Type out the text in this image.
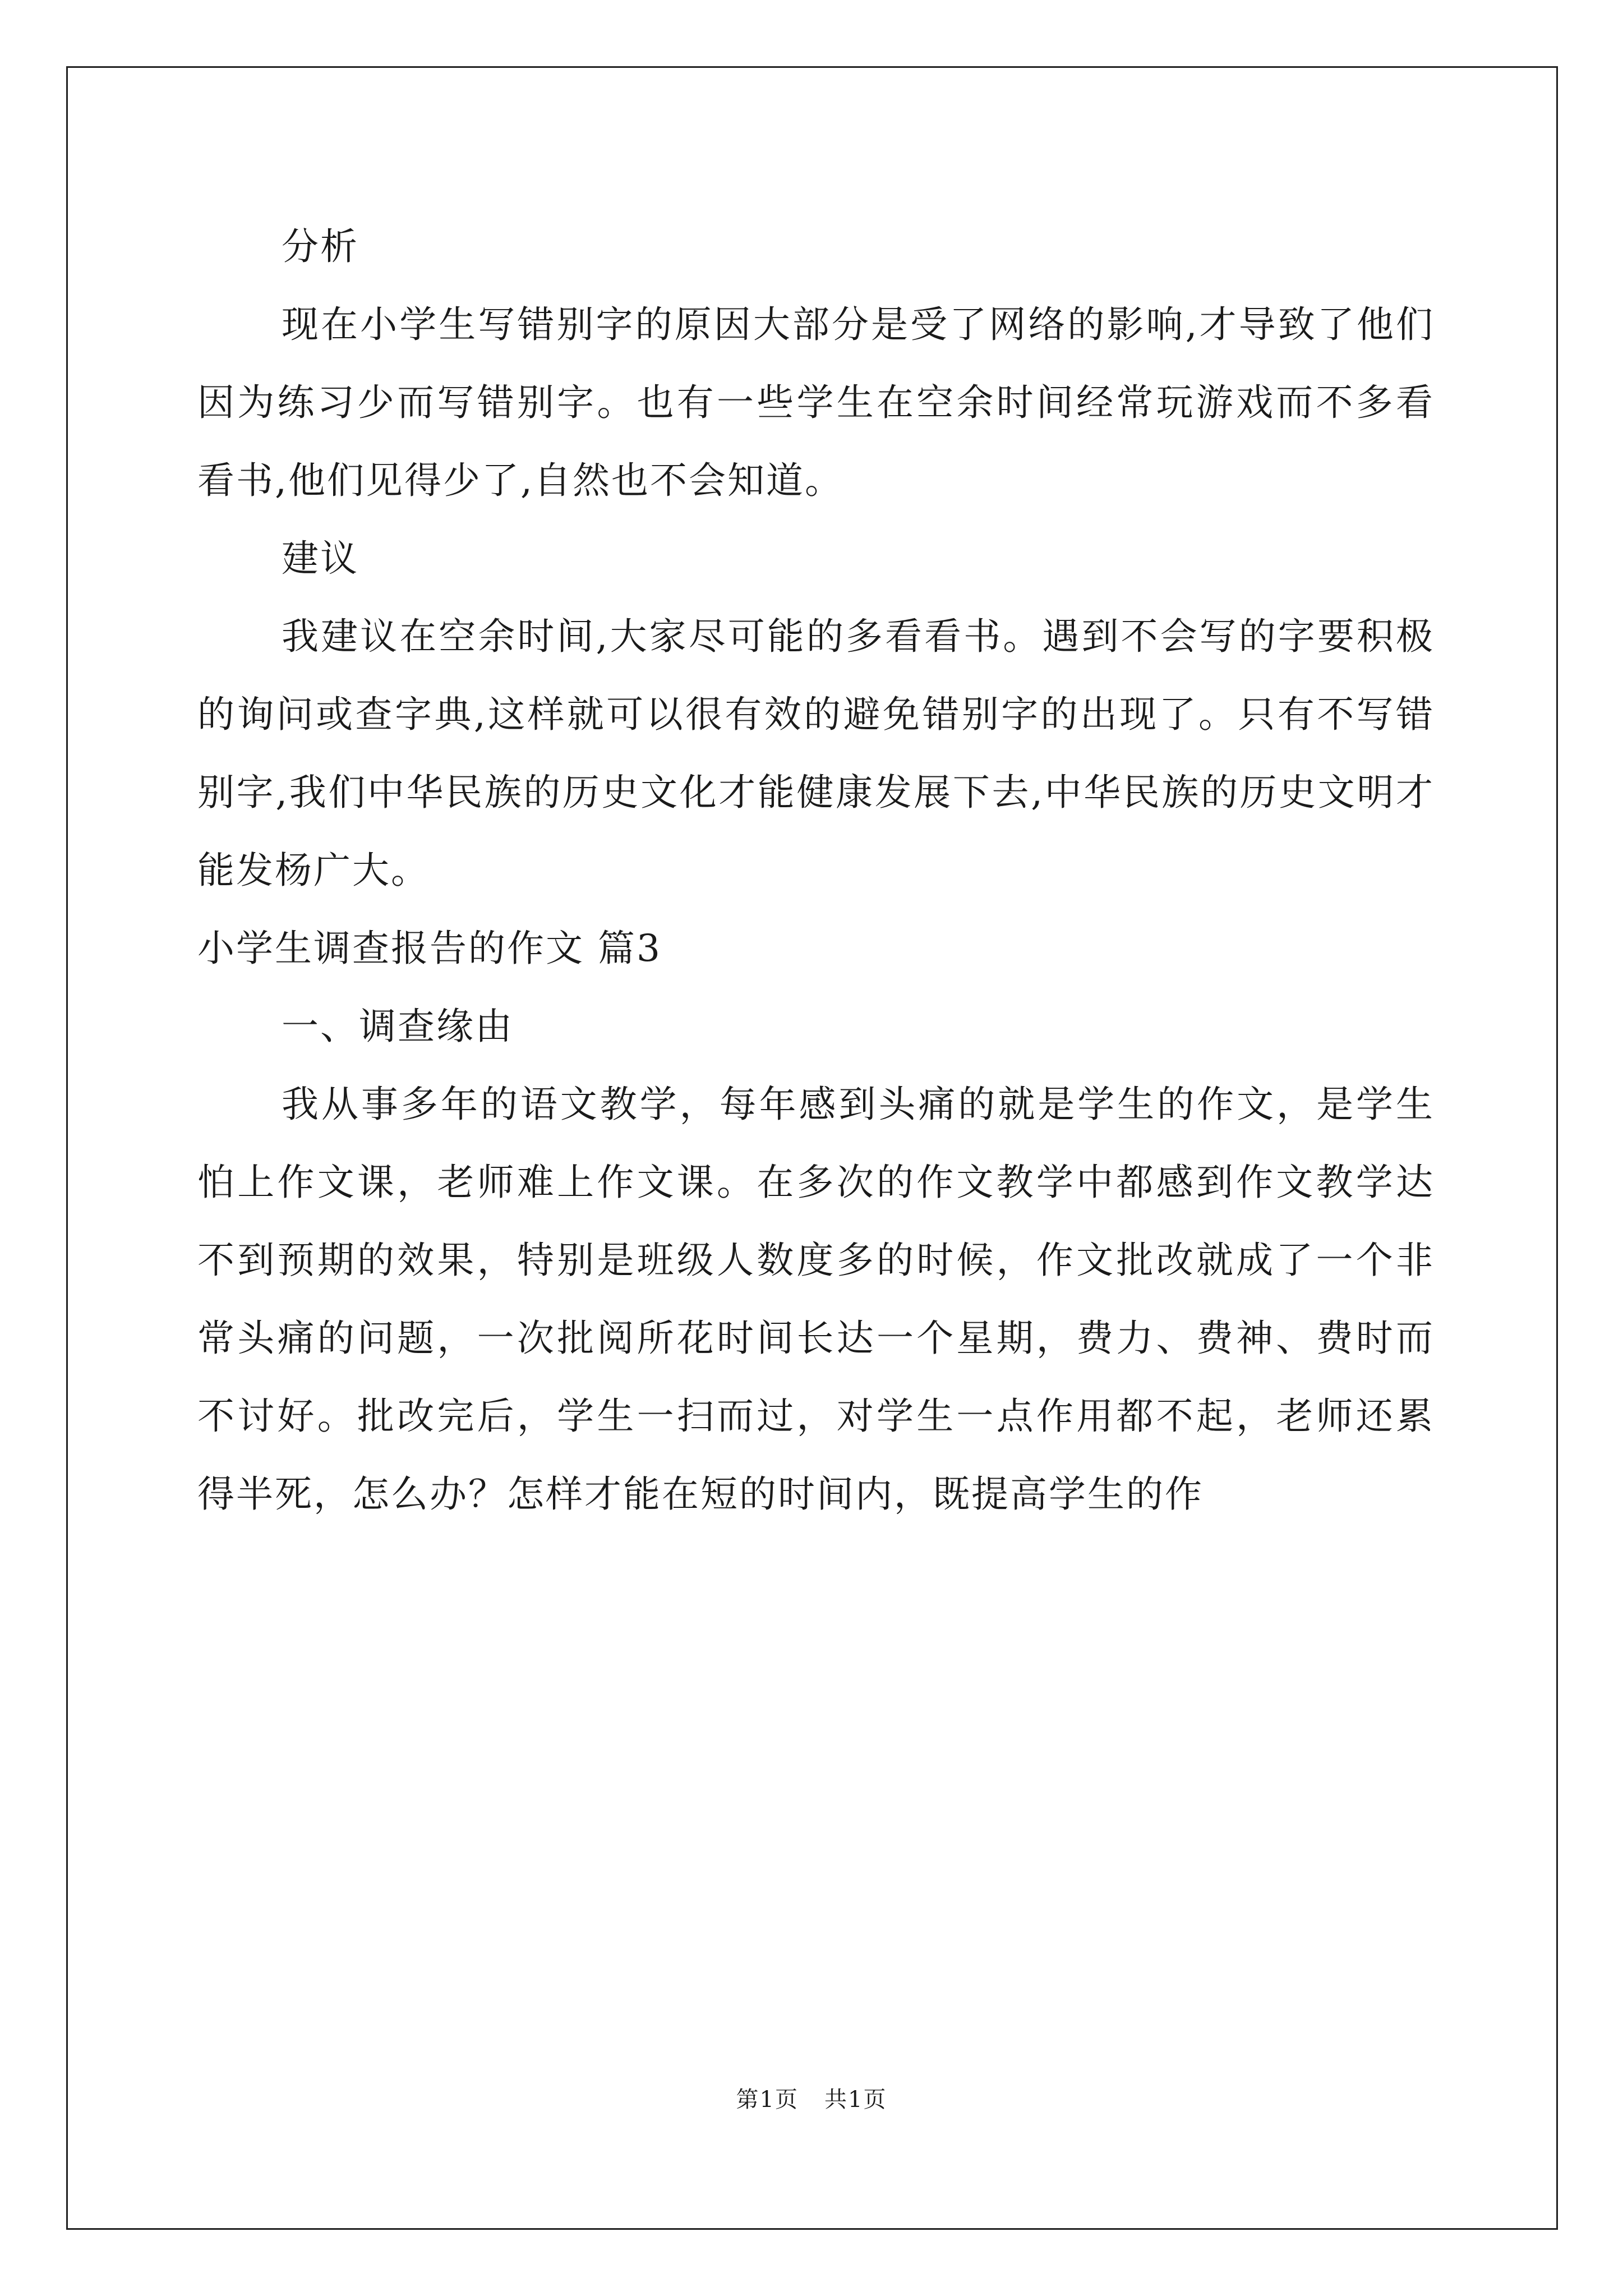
分析

现在小学生写错别字的原因大部分是受了网络的影响,才导致了他们因为练习少而写错别字。也有一些学生在空余时间经常玩游戏而不多看看书,他们见得少了,自然也不会知道。

建议

我建议在空余时间,大家尽可能的多看看书。遇到不会写的字要积极的询问或查字典,这样就可以很有效的避免错别字的出现了。只有不写错别字,我们中华民族的历史文化才能健康发展下去,中华民族的历史文明才能发杨广大。

小学生调查报告的作文 篇3

一、调查缘由

我从事多年的语文教学，每年感到头痛的就是学生的作文，是学生怕上作文课，老师难上作文课。在多次的作文教学中都感到作文教学达不到预期的效果，特别是班级人数度多的时候，作文批改就成了一个非常头痛的问题，一次批阅所花时间长达一个星期，费力、费神、费时而不讨好。批改完后，学生一扫而过，对学生一点作用都不起，老师还累得半死，怎么办？怎样才能在短的时间内，既提高学生的作

第1页 共1页
